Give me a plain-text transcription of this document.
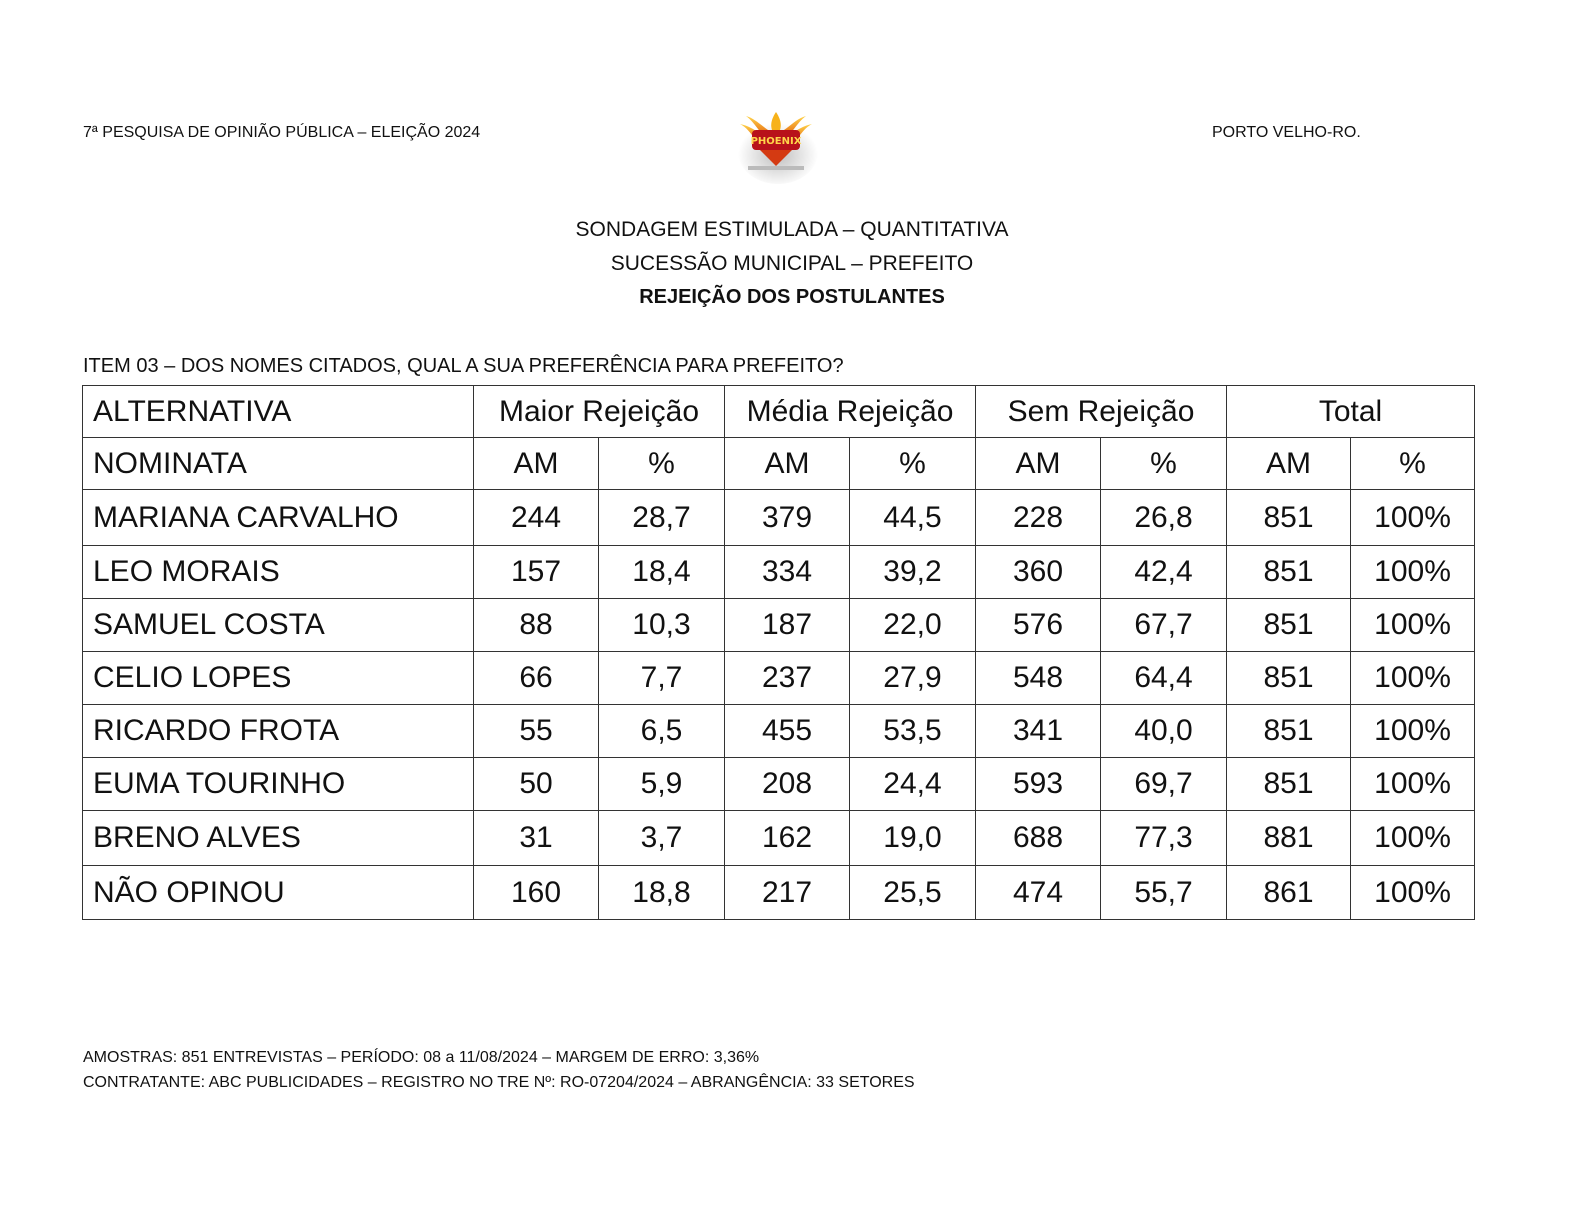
7ª PESQUISA DE OPINIÃO PÚBLICA – ELEIÇÃO 2024
PHOENIX
PORTO VELHO-RO.
SONDAGEM ESTIMULADA – QUANTITATIVA
SUCESSÃO MUNICIPAL – PREFEITO
REJEIÇÃO DOS POSTULANTES
ITEM 03 – DOS NOMES CITADOS, QUAL A SUA PREFERÊNCIA PARA PREFEITO?
ALTERNATIVA	Maior Rejeição		Média Rejeição		Sem Rejeição		Total	
NOMINATA	AM	%	AM	%	AM	%	AM	%
MARIANA CARVALHO	244	28,7	379	44,5	228	26,8	851	100%
LEO MORAIS	157	18,4	334	39,2	360	42,4	851	100%
SAMUEL COSTA	88	10,3	187	22,0	576	67,7	851	100%
CELIO LOPES	66	7,7	237	27,9	548	64,4	851	100%
RICARDO FROTA	55	6,5	455	53,5	341	40,0	851	100%
EUMA TOURINHO	50	5,9	208	24,4	593	69,7	851	100%
BRENO ALVES	31	3,7	162	19,0	688	77,3	881	100%
NÃO OPINOU	160	18,8	217	25,5	474	55,7	861	100%
AMOSTRAS: 851 ENTREVISTAS – PERÍODO: 08 a 11/08/2024 – MARGEM DE ERRO: 3,36%
CONTRATANTE: ABC PUBLICIDADES – REGISTRO NO TRE Nº: RO-07204/2024 – ABRANGÊNCIA: 33 SETORES
